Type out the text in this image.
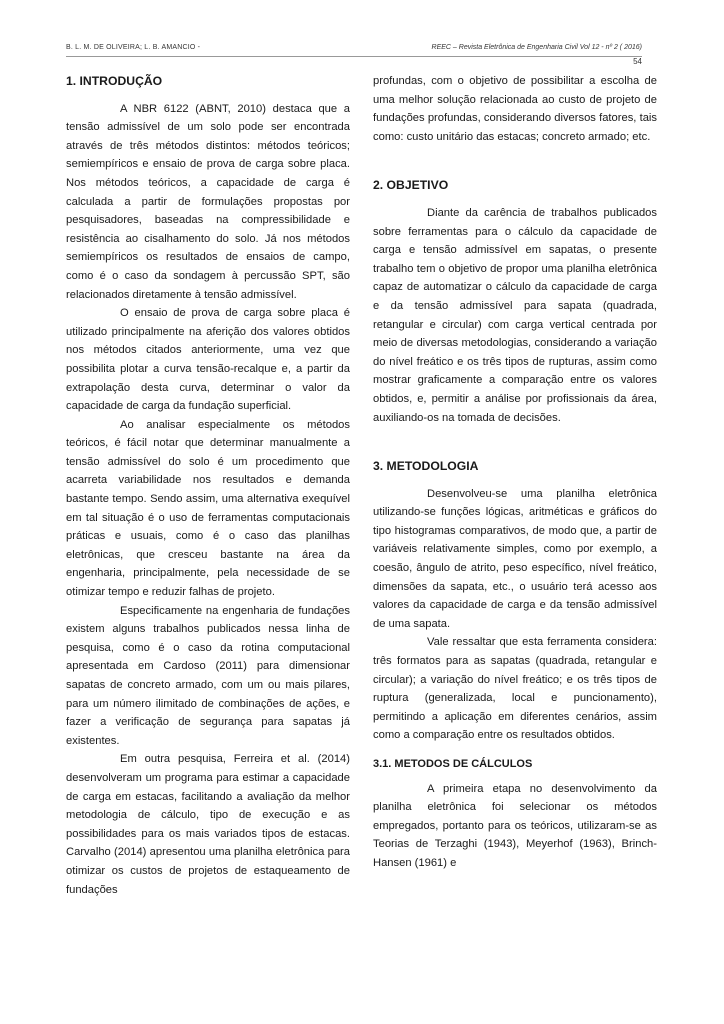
B. L. M. DE OLIVEIRA; L. B. AMANCIO -	REEC – Revista Eletrônica de Engenharia Civil Vol 12 - nº 2 ( 2016)
54
1. INTRODUÇÃO

A NBR 6122 (ABNT, 2010) destaca que a tensão admissível de um solo pode ser encontrada através de três métodos distintos: métodos teóricos; semiempíricos e ensaio de prova de carga sobre placa. Nos métodos teóricos, a capacidade de carga é calculada a partir de formulações propostas por pesquisadores, baseadas na compressibilidade e resistência ao cisalhamento do solo. Já nos métodos semiempíricos os resultados de ensaios de campo, como é o caso da sondagem à percussão SPT, são relacionados diretamente à tensão admissível.

O ensaio de prova de carga sobre placa é utilizado principalmente na aferição dos valores obtidos nos métodos citados anteriormente, uma vez que possibilita plotar a curva tensão-recalque e, a partir da extrapolação desta curva, determinar o valor da capacidade de carga da fundação superficial.

Ao analisar especialmente os métodos teóricos, é fácil notar que determinar manualmente a tensão admissível do solo é um procedimento que acarreta variabilidade nos resultados e demanda bastante tempo. Sendo assim, uma alternativa exequível em tal situação é o uso de ferramentas computacionais práticas e usuais, como é o caso das planilhas eletrônicas, que cresceu bastante na área da engenharia, principalmente, pela necessidade de se otimizar tempo e reduzir falhas de projeto.

Especificamente na engenharia de fundações existem alguns trabalhos publicados nessa linha de pesquisa, como é o caso da rotina computacional apresentada em Cardoso (2011) para dimensionar sapatas de concreto armado, com um ou mais pilares, para um número ilimitado de combinações de ações, e fazer a verificação de segurança para sapatas já existentes.

Em outra pesquisa, Ferreira et al. (2014) desenvolveram um programa para estimar a capacidade de carga em estacas, facilitando a avaliação da melhor metodologia de cálculo, tipo de execução e as possibilidades para os mais variados tipos de estacas. Carvalho (2014) apresentou uma planilha eletrônica para otimizar os custos de projetos de estaqueamento de fundações

profundas, com o objetivo de possibilitar a escolha de uma melhor solução relacionada ao custo de projeto de fundações profundas, considerando diversos fatores, tais como: custo unitário das estacas; concreto armado; etc.

2. OBJETIVO

Diante da carência de trabalhos publicados sobre ferramentas para o cálculo da capacidade de carga e tensão admissível em sapatas, o presente trabalho tem o objetivo de propor uma planilha eletrônica capaz de automatizar o cálculo da capacidade de carga e da tensão admissível para sapata (quadrada, retangular e circular) com carga vertical centrada por meio de diversas metodologias, considerando a variação do nível freático e os três tipos de rupturas, assim como mostrar graficamente a comparação entre os valores obtidos, e, permitir a análise por profissionais da área, auxiliando-os na tomada de decisões.

3. METODOLOGIA

Desenvolveu-se uma planilha eletrônica utilizando-se funções lógicas, aritméticas e gráficos do tipo histogramas comparativos, de modo que, a partir de variáveis relativamente simples, como por exemplo, a coesão, ângulo de atrito, peso específico, nível freático, dimensões da sapata, etc., o usuário terá acesso aos valores da capacidade de carga e da tensão admissível de uma sapata.

Vale ressaltar que esta ferramenta considera: três formatos para as sapatas (quadrada, retangular e circular); a variação do nível freático; e os três tipos de ruptura (generalizada, local e puncionamento), permitindo a aplicação em diferentes cenários, assim como a comparação entre os resultados obtidos.

3.1. METODOS DE CÁLCULOS

A primeira etapa no desenvolvimento da planilha eletrônica foi selecionar os métodos empregados, portanto para os teóricos, utilizaram-se as Teorias de Terzaghi (1943), Meyerhof (1963), Brinch-Hansen (1961) e
